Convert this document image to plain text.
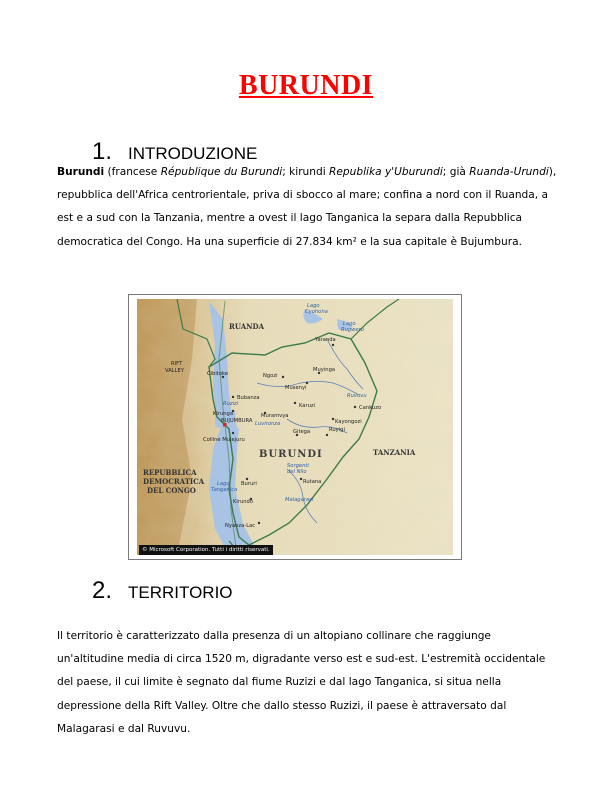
BURUNDI
1. INTRODUZIONE
Burundi (francese République du Burundi; kirundi Republika y'Uburundi; già Ruanda-Urundi), repubblica dell'Africa centrorientale, priva di sbocco al mare; confina a nord con il Ruanda, a est e a sud con la Tanzania, mentre a ovest il lago Tanganica la separa dalla Repubblica democratica del Congo. Ha una superficie di 27.834 km² e la sua capitale è Bujumbura.
RUANDA
TANZANIA
BURUNDI
REPUBBLICA
DEMOCRATICA
DEL CONGO
RIFT
VALLEY
Lago
Cyohoha
Lago
Rugwero
Ruzizi
Luvironza
Ruvuvu
Lago
Tanganica
Malagarasi
Sorgenti
del Nilo
Yaranda
Cibitoke	Ngozi
Muyinga
Musenyi
Bubanza
Kirunga
Karuzi	Cankuzo
Muramvya
Kayongozi
BUJUMBURA
Gitega	Ruyigi
Colline Mujejuru
Bururi	Rutana
Kirundo
Nyanza-Lac
© Microsoft Corporation. Tutti i diritti riservati.
2. TERRITORIO
Il territorio è caratterizzato dalla presenza di un altopiano collinare che raggiunge un'altitudine media di circa 1520 m, digradante verso est e sud-est. L'estremità occidentale del paese, il cui limite è segnato dal fiume Ruzizi e dal lago Tanganica, si situa nella depressione della Rift Valley. Oltre che dallo stesso Ruzizi, il paese è attraversato dal Malagarasi e dal Ruvuvu.
